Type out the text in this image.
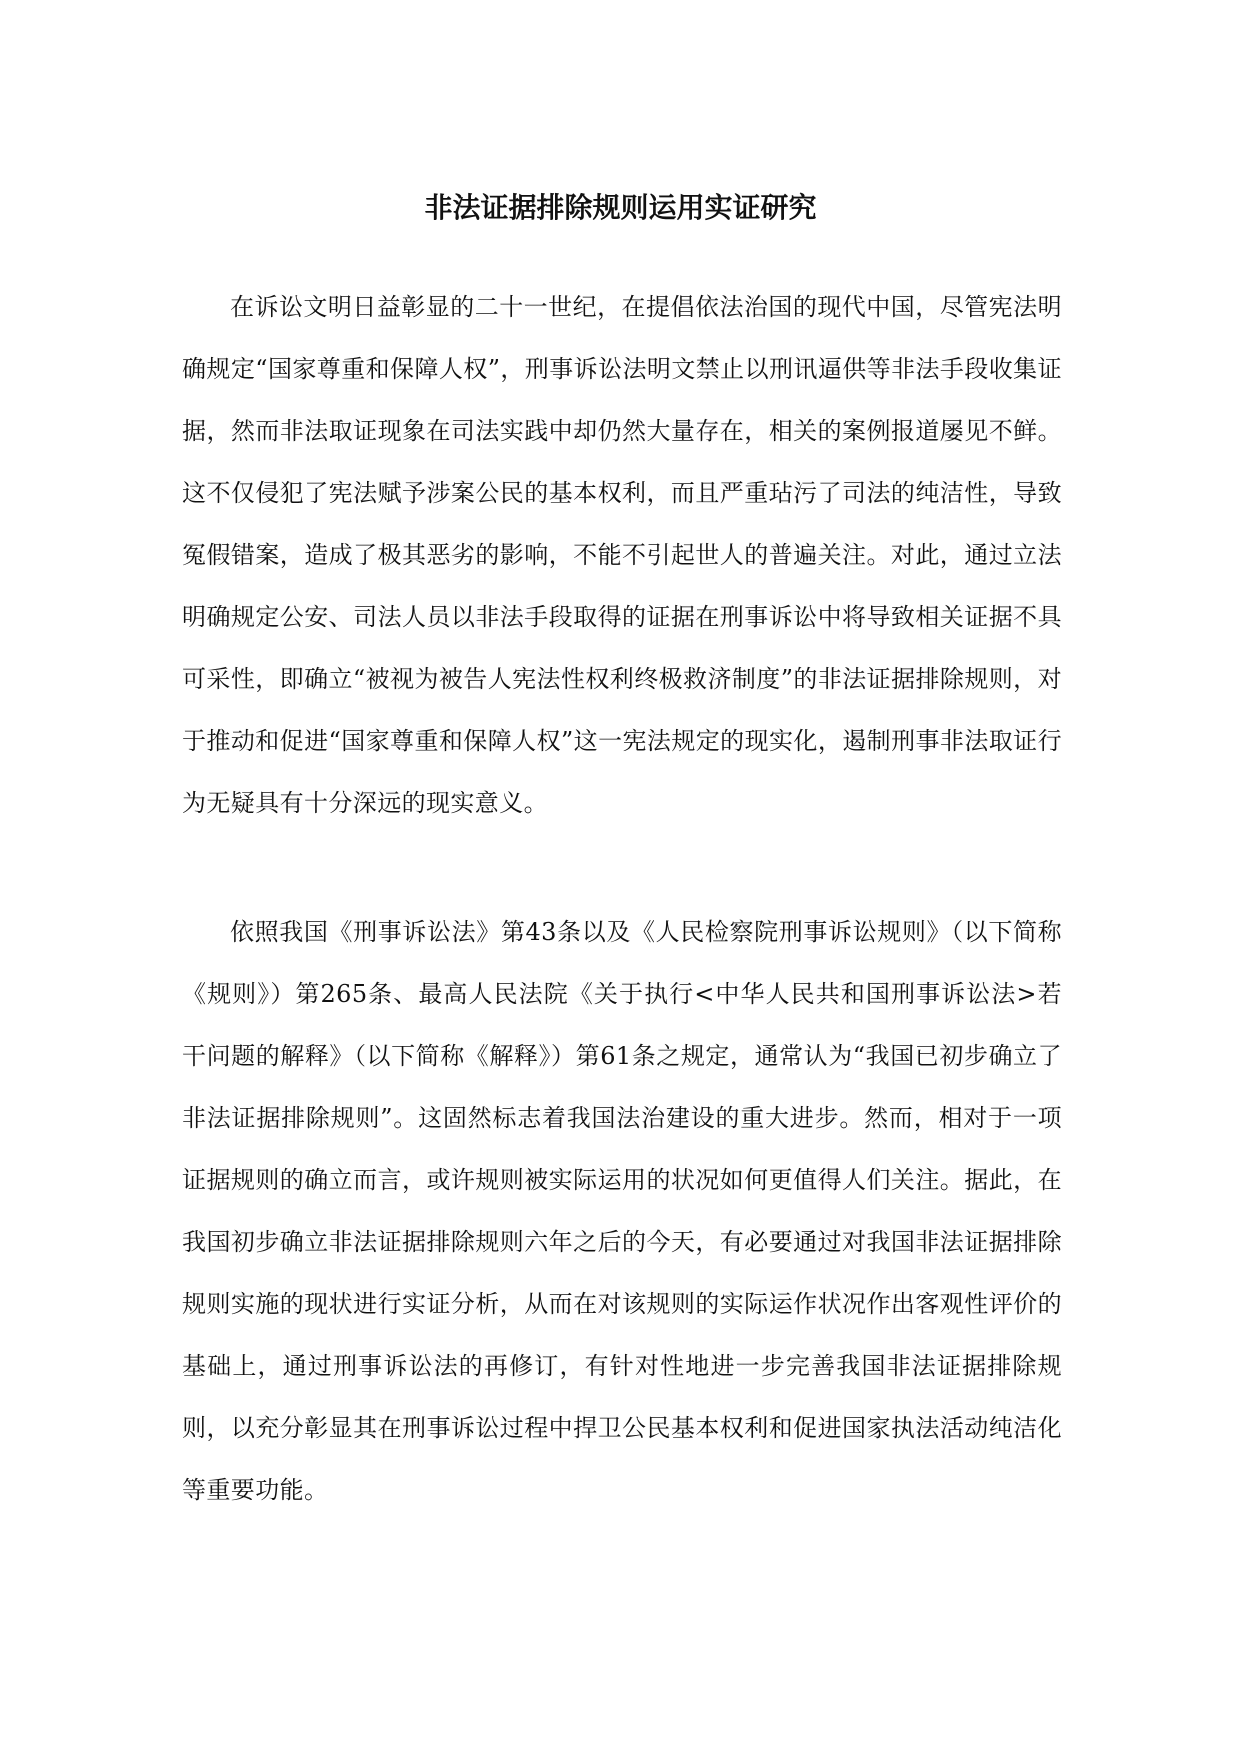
非法证据排除规则运用实证研究

在诉讼文明日益彰显的二十一世纪，在提倡依法治国的现代中国，尽管宪法明确规定“国家尊重和保障人权”，刑事诉讼法明文禁止以刑讯逼供等非法手段收集证据，然而非法取证现象在司法实践中却仍然大量存在，相关的案例报道屡见不鲜。这不仅侵犯了宪法赋予涉案公民的基本权利，而且严重玷污了司法的纯洁性，导致冤假错案，造成了极其恶劣的影响，不能不引起世人的普遍关注。对此，通过立法明确规定公安、司法人员以非法手段取得的证据在刑事诉讼中将导致相关证据不具可采性，即确立“被视为被告人宪法性权利终极救济制度”的非法证据排除规则，对于推动和促进“国家尊重和保障人权”这一宪法规定的现实化，遏制刑事非法取证行为无疑具有十分深远的现实意义。

依照我国《刑事诉讼法》第43条以及《人民检察院刑事诉讼规则》（以下简称《规则》）第265条、最高人民法院《关于执行<中华人民共和国刑事诉讼法>若干问题的解释》（以下简称《解释》）第61条之规定，通常认为“我国已初步确立了非法证据排除规则”。这固然标志着我国法治建设的重大进步。然而，相对于一项证据规则的确立而言，或许规则被实际运用的状况如何更值得人们关注。据此，在我国初步确立非法证据排除规则六年之后的今天，有必要通过对我国非法证据排除规则实施的现状进行实证分析，从而在对该规则的实际运作状况作出客观性评价的基础上，通过刑事诉讼法的再修订，有针对性地进一步完善我国非法证据排除规则，以充分彰显其在刑事诉讼过程中捍卫公民基本权利和促进国家执法活动纯洁化等重要功能。
